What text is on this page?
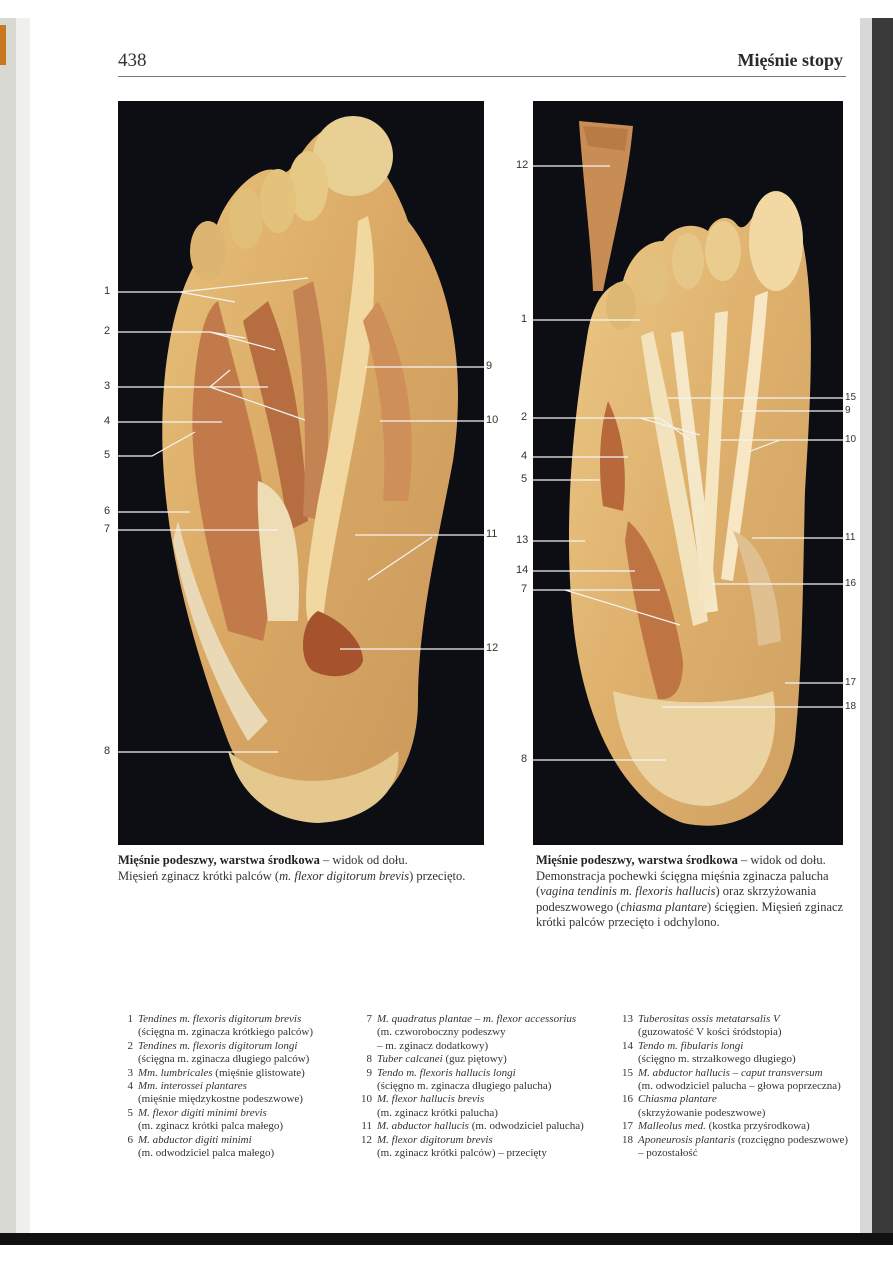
438	Mięśnie stopy
1
2
3
4
5
6
7
8
9
10
11
12
12
1
2
4
5
13
14
7
8
15
9
10
11
16
17
18
Mięśnie podeszwy, warstwa środkowa – widok od dołu.
Mięsień zginacz krótki palców (m. flexor digitorum brevis) przecięto.
Mięśnie podeszwy, warstwa środkowa – widok od dołu.
Demonstracja pochewki ścięgna mięśnia zginacza palucha (vagina tendinis m. flexoris hallucis) oraz skrzyżowania podeszwowego (chiasma plantare) ścięgien. Mięsień zginacz krótki palców przecięto i odchylono.
1 Tendines m. flexoris digitorum brevis
(ścięgna m. zginacza krótkiego palców)
2 Tendines m. flexoris digitorum longi
(ścięgna m. zginacza długiego palców)
3 Mm. lumbricales (mięśnie glistowate)
4 Mm. interossei plantares
(mięśnie międzykostne podeszwowe)
5 M. flexor digiti minimi brevis
(m. zginacz krótki palca małego)
6 M. abductor digiti minimi
(m. odwodziciel palca małego)
7 M. quadratus plantae – m. flexor accessorius
(m. czworoboczny podeszwy
– m. zginacz dodatkowy)
8 Tuber calcanei (guz piętowy)
9 Tendo m. flexoris hallucis longi
(ścięgno m. zginacza długiego palucha)
10 M. flexor hallucis brevis
(m. zginacz krótki palucha)
11 M. abductor hallucis (m. odwodziciel palucha)
12 M. flexor digitorum brevis
(m. zginacz krótki palców) – przecięty
13 Tuberositas ossis metatarsalis V
(guzowatość V kości śródstopia)
14 Tendo m. fibularis longi
(ścięgno m. strzałkowego długiego)
15 M. abductor hallucis – caput transversum
(m. odwodziciel palucha – głowa poprzeczna)
16 Chiasma plantare
(skrzyżowanie podeszwowe)
17 Malleolus med. (kostka przyśrodkowa)
18 Aponeurosis plantaris (rozcięgno podeszwowe)
– pozostałość
